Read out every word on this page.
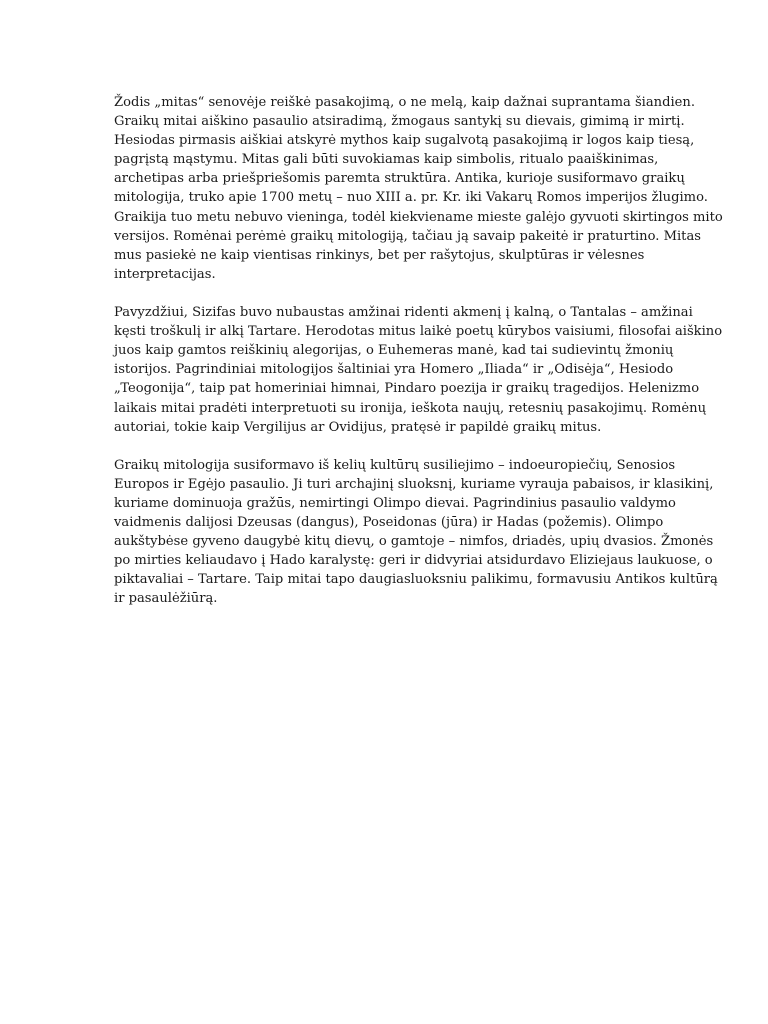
Žodis „mitas“ senovėje reiškė pasakojimą, o ne melą, kaip dažnai suprantama šiandien.
Graikų mitai aiškino pasaulio atsiradimą, žmogaus santykį su dievais, gimimą ir mirtį.
Hesiodas pirmasis aiškiai atskyrė mythos kaip sugalvotą pasakojimą ir logos kaip tiesą,
pagrįstą mąstymu. Mitas gali būti suvokiamas kaip simbolis, ritualo paaiškinimas,
archetipas arba priešpriešomis paremta struktūra. Antika, kurioje susiformavo graikų
mitologija, truko apie 1700 metų – nuo XIII a. pr. Kr. iki Vakarų Romos imperijos žlugimo.
Graikija tuo metu nebuvo vieninga, todėl kiekviename mieste galėjo gyvuoti skirtingos mito
versijos. Romėnai perėmė graikų mitologiją, tačiau ją savaip pakeitė ir praturtino. Mitas
mus pasiekė ne kaip vientisas rinkinys, bet per rašytojus, skulptūras ir vėlesnes
interpretacijas.

Pavyzdžiui, Sizifas buvo nubaustas amžinai ridenti akmenį į kalną, o Tantalas – amžinai
kęsti troškulį ir alkį Tartare. Herodotas mitus laikė poetų kūrybos vaisiumi, filosofai aiškino
juos kaip gamtos reiškinių alegorijas, o Euhemeras manė, kad tai sudievintų žmonių
istorijos. Pagrindiniai mitologijos šaltiniai yra Homero „Iliada“ ir „Odisėja“, Hesiodo
„Teogonija“, taip pat homeriniai himnai, Pindaro poezija ir graikų tragedijos. Helenizmo
laikais mitai pradėti interpretuoti su ironija, ieškota naujų, retesnių pasakojimų. Romėnų
autoriai, tokie kaip Vergilijus ar Ovidijus, pratęsė ir papildė graikų mitus.

Graikų mitologija susiformavo iš kelių kultūrų susiliejimo – indoeuropiečių, Senosios
Europos ir Egėjo pasaulio. Ji turi archajinį sluoksnį, kuriame vyrauja pabaisos, ir klasikinį,
kuriame dominuoja gražūs, nemirtingi Olimpo dievai. Pagrindinius pasaulio valdymo
vaidmenis dalijosi Dzeusas (dangus), Poseidonas (jūra) ir Hadas (požemis). Olimpo
aukštybėse gyveno daugybė kitų dievų, o gamtoje – nimfos, driadės, upių dvasios. Žmonės
po mirties keliaudavo į Hado karalystę: geri ir didvyriai atsidurdavo Eliziejaus laukuose, o
piktavaliai – Tartare. Taip mitai tapo daugiasluoksniu palikimu, formavusiu Antikos kultūrą
ir pasaulėžiūrą.
